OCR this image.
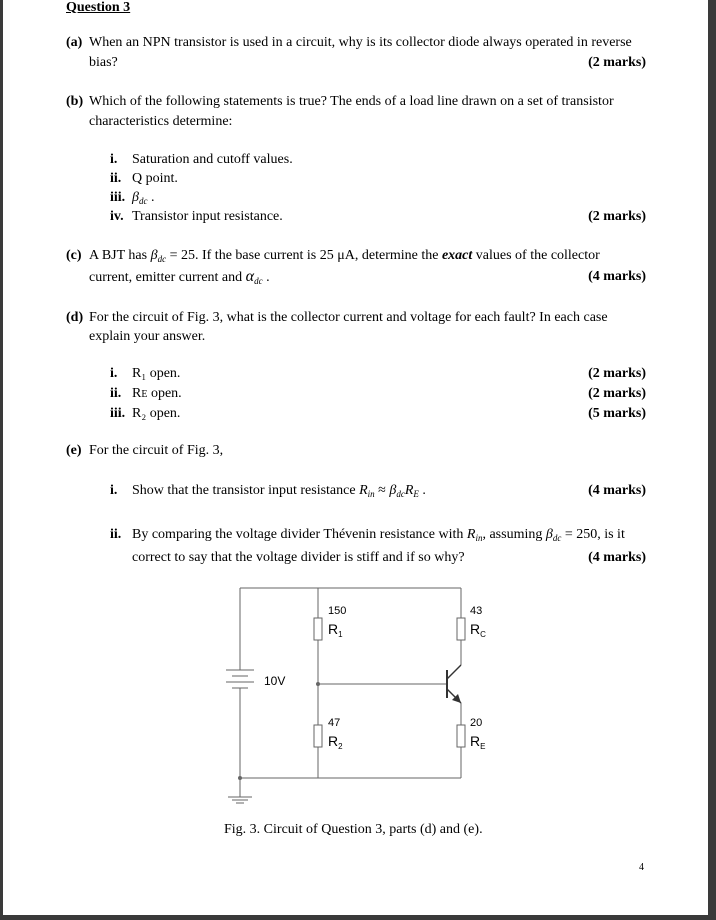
Question 3
(a) When an NPN transistor is used in a circuit, why is its collector diode always operated in reverse
bias?	(2 marks)
(b) Which of the following statements is true? The ends of a load line drawn on a set of transistor
characteristics determine:
i. Saturation and cutoff values.
ii. Q point.
iii. $\beta_{dc}$ .
iv. Transistor input resistance.	(2 marks)
(c) A BJT has $\beta_{dc} = 25$. If the base current is 25 μA, determine the exact values of the collector
current, emitter current and $\alpha_{dc}$ .	(4 marks)
(d) For the circuit of Fig. 3, what is the collector current and voltage for each fault? In each case
explain your answer.
i. R₁ open.	(2 marks)
ii. RE open.	(2 marks)
iii. R₂ open.	(5 marks)
(e) For the circuit of Fig. 3,
i. Show that the transistor input resistance $R_{in} \approx \beta_{dc}R_E$ .	(4 marks)
ii. By comparing the voltage divider Thévenin resistance with $R_{in}$, assuming $\beta_{dc} = 250$, is it
correct to say that the voltage divider is stiff and if so why?	(4 marks)
10V
150
$R_1$
43
$R_C$
47
$R_2$
20
$R_E$
Fig. 3. Circuit of Question 3, parts (d) and (e).
4
